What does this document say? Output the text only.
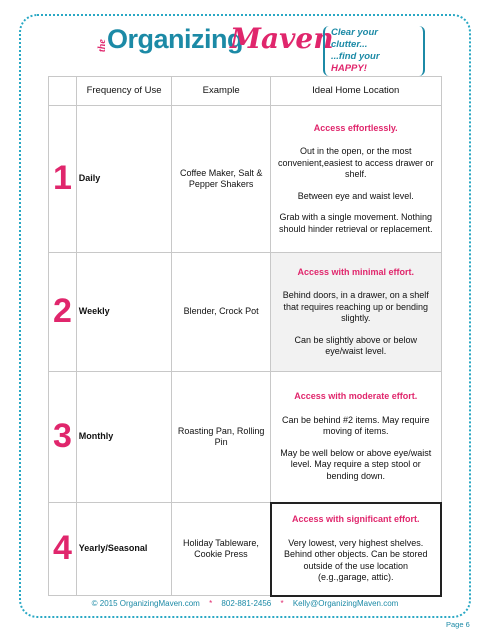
the Organizing
Maven
Clear your clutter...
...find your HAPPY!
	Frequency of Use	Example	Ideal Home Location
1	Daily	Coffee Maker, Salt & Pepper Shakers	Access effortlessly.
Out in the open, or the most convenient,easiest to access drawer or shelf.
Between eye and waist level.
Grab with a single movement. Nothing should hinder retrieval or replacement.

2	Weekly	Blender, Crock Pot	Access with minimal effort.
Behind doors, in a drawer, on a shelf that requires reaching up or bending slightly.
Can be slightly above or below eye/waist level.

3	Monthly	Roasting Pan, Rolling Pin	Access with moderate effort.
Can be behind #2 items. May require moving of items.
May be well below or above eye/waist level. May require a step stool or bending down.

4	Yearly/Seasonal	Holiday Tableware, Cookie Press	Access with significant effort.
Very lowest, very highest shelves. Behind other objects. Can be stored outside of the use location (e.g.,garage, attic).
© 2015 OrganizingMaven.com * 802-881-2456 * Kelly@OrganizingMaven.com
Page 6
